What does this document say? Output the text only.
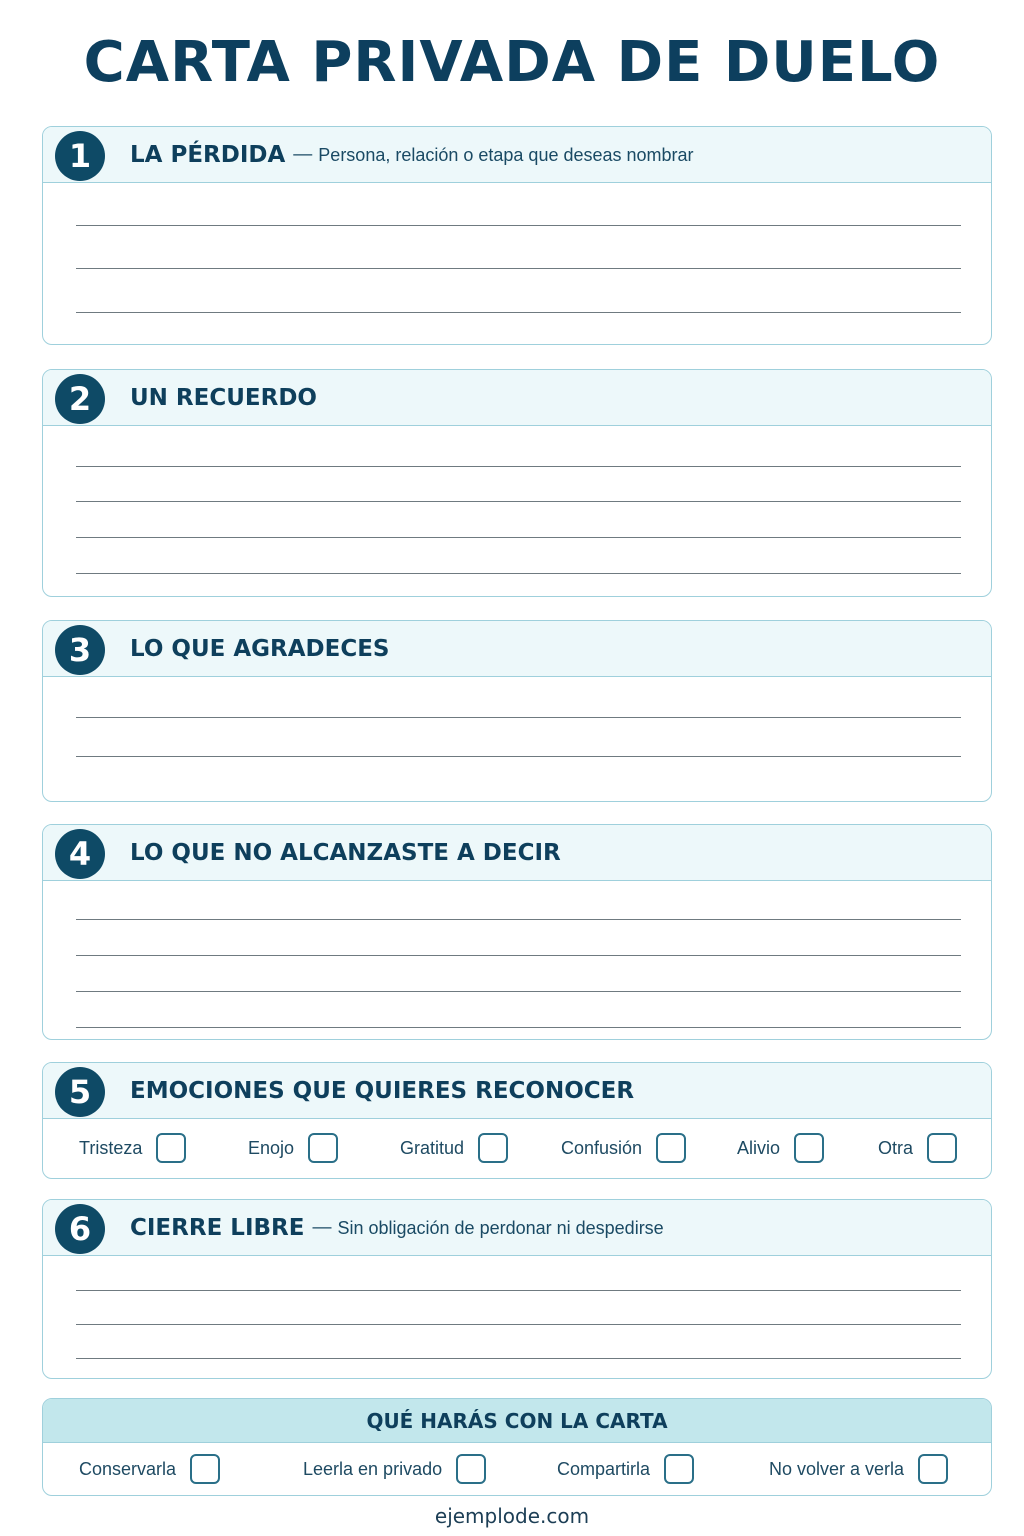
CARTA PRIVADA DE DUELO
1	LA PÉRDIDA — Persona, relación o etapa que deseas nombrar
2	UN RECUERDO
3	LO QUE AGRADECES
4	LO QUE NO ALCANZASTE A DECIR
5	EMOCIONES QUE QUIERES RECONOCER
Tristeza	Enojo	Gratitud	Confusión	Alivio	Otra
6	CIERRE LIBRE — Sin obligación de perdonar ni despedirse
QUÉ HARÁS CON LA CARTA
Conservarla	Leerla en privado	Compartirla	No volver a verla
ejemplode.com
